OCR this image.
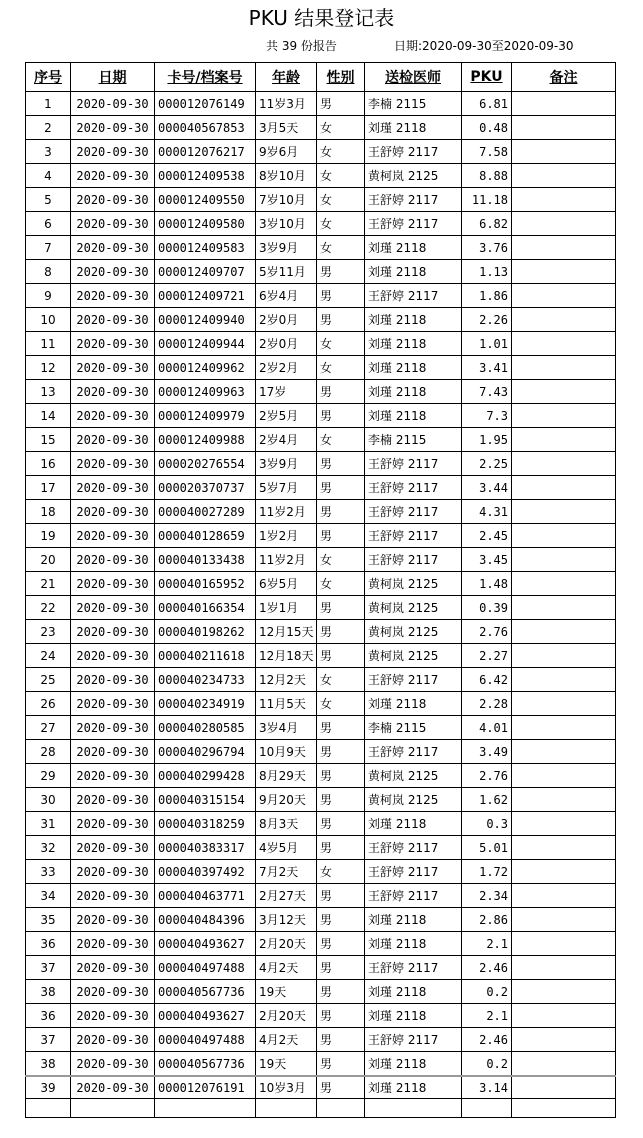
PKU 结果登记表
共 39 份报告	日期:2020-09-30至2020-09-30
序号	日期	卡号/档案号	年龄	性别	送检医师	PKU	备注
1	2020-09-30	000012076149	11岁3月	男	李楠 2115	6.81	
2	2020-09-30	000040567853	3月5天	女	刘瑾 2118	0.48	
3	2020-09-30	000012076217	9岁6月	女	王舒婷 2117	7.58	
4	2020-09-30	000012409538	8岁10月	女	黄柯岚 2125	8.88	
5	2020-09-30	000012409550	7岁10月	女	王舒婷 2117	11.18	
6	2020-09-30	000012409580	3岁10月	女	王舒婷 2117	6.82	
7	2020-09-30	000012409583	3岁9月	女	刘瑾 2118	3.76	
8	2020-09-30	000012409707	5岁11月	男	刘瑾 2118	1.13	
9	2020-09-30	000012409721	6岁4月	男	王舒婷 2117	1.86	
10	2020-09-30	000012409940	2岁0月	男	刘瑾 2118	2.26	
11	2020-09-30	000012409944	2岁0月	女	刘瑾 2118	1.01	
12	2020-09-30	000012409962	2岁2月	女	刘瑾 2118	3.41	
13	2020-09-30	000012409963	17岁	男	刘瑾 2118	7.43	
14	2020-09-30	000012409979	2岁5月	男	刘瑾 2118	7.3	
15	2020-09-30	000012409988	2岁4月	女	李楠 2115	1.95	
16	2020-09-30	000020276554	3岁9月	男	王舒婷 2117	2.25	
17	2020-09-30	000020370737	5岁7月	男	王舒婷 2117	3.44	
18	2020-09-30	000040027289	11岁2月	男	王舒婷 2117	4.31	
19	2020-09-30	000040128659	1岁2月	男	王舒婷 2117	2.45	
20	2020-09-30	000040133438	11岁2月	女	王舒婷 2117	3.45	
21	2020-09-30	000040165952	6岁5月	女	黄柯岚 2125	1.48	
22	2020-09-30	000040166354	1岁1月	男	黄柯岚 2125	0.39	
23	2020-09-30	000040198262	12月15天	男	黄柯岚 2125	2.76	
24	2020-09-30	000040211618	12月18天	男	黄柯岚 2125	2.27	
25	2020-09-30	000040234733	12月2天	女	王舒婷 2117	6.42	
26	2020-09-30	000040234919	11月5天	女	刘瑾 2118	2.28	
27	2020-09-30	000040280585	3岁4月	男	李楠 2115	4.01	
28	2020-09-30	000040296794	10月9天	男	王舒婷 2117	3.49	
29	2020-09-30	000040299428	8月29天	男	黄柯岚 2125	2.76	
30	2020-09-30	000040315154	9月20天	男	黄柯岚 2125	1.62	
31	2020-09-30	000040318259	8月3天	男	刘瑾 2118	0.3	
32	2020-09-30	000040383317	4岁5月	男	王舒婷 2117	5.01	
33	2020-09-30	000040397492	7月2天	女	王舒婷 2117	1.72	
34	2020-09-30	000040463771	2月27天	男	王舒婷 2117	2.34	
35	2020-09-30	000040484396	3月12天	男	刘瑾 2118	2.86	
36	2020-09-30	000040493627	2月20天	男	刘瑾 2118	2.1	
37	2020-09-30	000040497488	4月2天	男	王舒婷 2117	2.46	
38	2020-09-30	000040567736	19天	男	刘瑾 2118	0.2	
36	2020-09-30	000040493627	2月20天	男	刘瑾 2118	2.1	
37	2020-09-30	000040497488	4月2天	男	王舒婷 2117	2.46	
38	2020-09-30	000040567736	19天	男	刘瑾 2118	0.2	
39	2020-09-30	000012076191	10岁3月	男	刘瑾 2118	3.14	
